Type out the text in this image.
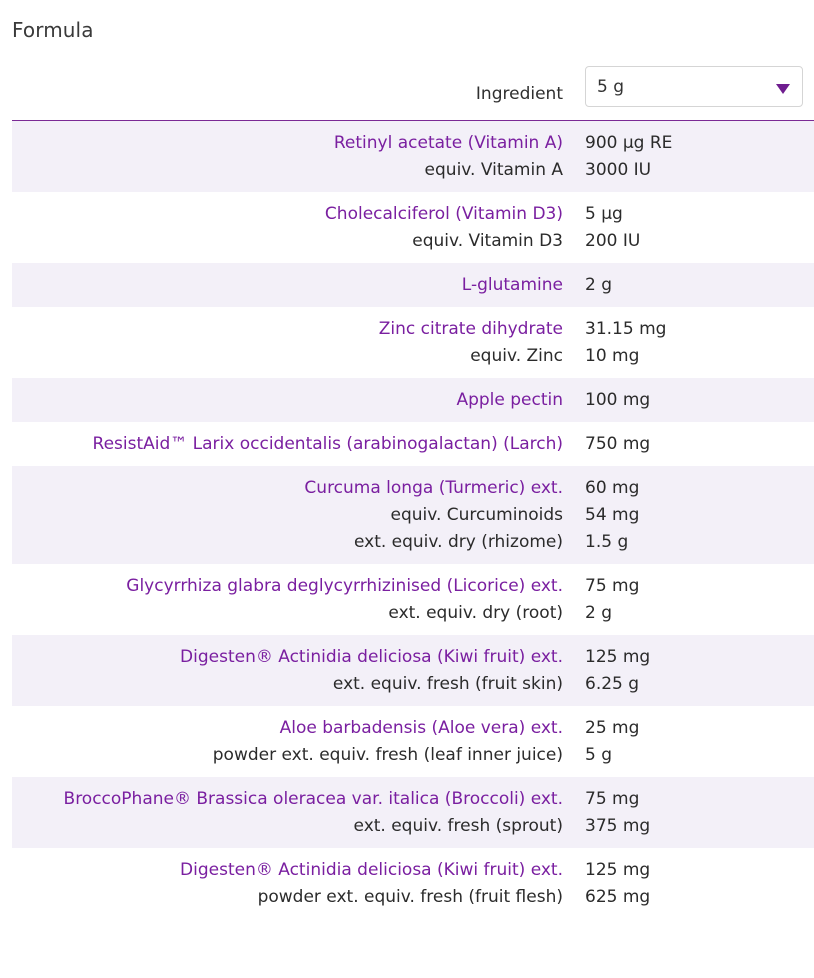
Formula
Ingredient 5 g
Retinyl acetate (Vitamin A) 900 µg RE
equiv. Vitamin A 3000 IU
Cholecalciferol (Vitamin D3) 5 µg
equiv. Vitamin D3 200 IU
L-glutamine 2 g
Zinc citrate dihydrate 31.15 mg
equiv. Zinc 10 mg
Apple pectin 100 mg
ResistAid™ Larix occidentalis (arabinogalactan) (Larch) 750 mg
Curcuma longa (Turmeric) ext. 60 mg
equiv. Curcuminoids 54 mg
ext. equiv. dry (rhizome) 1.5 g
Glycyrrhiza glabra deglycyrrhizinised (Licorice) ext. 75 mg
ext. equiv. dry (root) 2 g
Digesten® Actinidia deliciosa (Kiwi fruit) ext. 125 mg
ext. equiv. fresh (fruit skin) 6.25 g
Aloe barbadensis (Aloe vera) ext. 25 mg
powder ext. equiv. fresh (leaf inner juice) 5 g
BroccoPhane® Brassica oleracea var. italica (Broccoli) ext. 75 mg
ext. equiv. fresh (sprout) 375 mg
Digesten® Actinidia deliciosa (Kiwi fruit) ext. 125 mg
powder ext. equiv. fresh (fruit flesh) 625 mg
